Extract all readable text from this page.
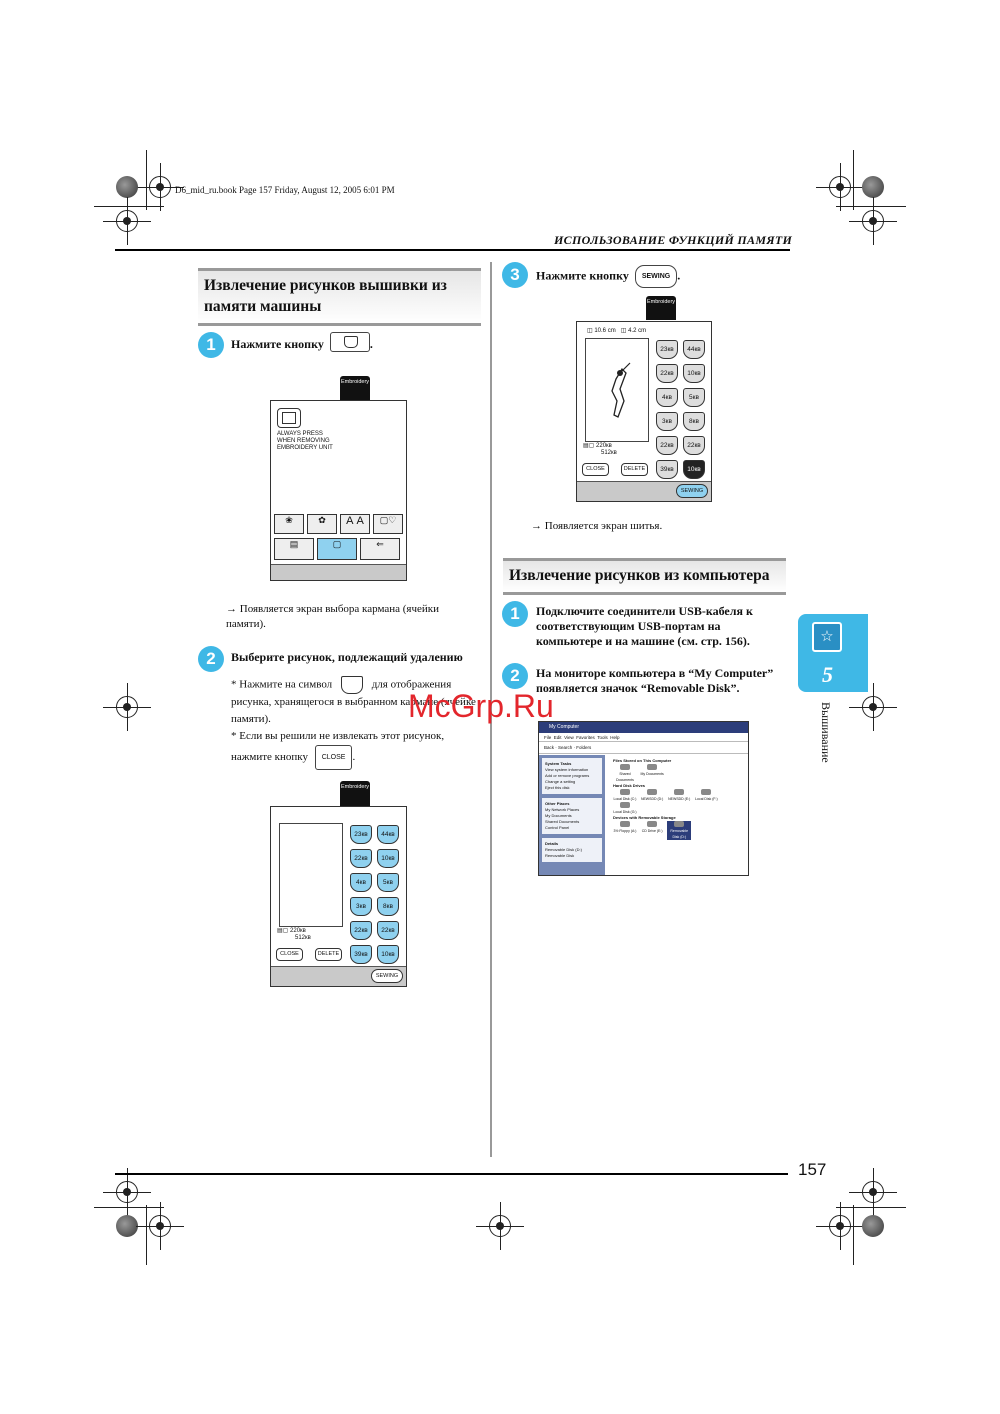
D6_mid_ru.book Page 157 Friday, August 12, 2005 6:01 PM
ИСПОЛЬЗОВАНИЕ ФУНКЦИЙ ПАМЯТИ
Извлечение рисунков вышивки из памяти машины
1	Нажмите кнопку	.
Embroidery
ALWAYS PRESS
WHEN REMOVING
EMBROIDERY UNIT
❀	✿	A A	▢♡
▤	▢	⇐
→ Появляется экран выбора кармана (ячейки памяти).
2	Выберите рисунок, подлежащий удалению
* Нажмите на символ	для отображения рисунка, хранящегося в выбранном кармане (ячейке памяти).
* Если вы решили не извлекать этот рисунок, нажмите кнопку CLOSE .
Embroidery
▤▢ 220кв
512кв
23кв	44кв
22кв	10кв
4кв	5кв
3кв	8кв
22кв	22кв
39кв	10кв
CLOSE	DELETE
SEWING
3	Нажмите кнопку SEWING .
Embroidery
◫ 10.6 cm ◫ 4.2 cm
▤▢ 220кв
512кв
23кв	44кв
22кв	10кв
4кв	5кв
3кв	8кв
22кв	22кв
39кв	10кв
CLOSE	DELETE
SEWING
→ Появляется экран шитья.
Извлечение рисунков из компьютера
1	Подключите соединители USB-кабеля к соответствующим USB-портам на компьютере и на машине (см. стр. 156).
2	На мониторе компьютера в “My Computer” появляется значок “Removable Disk”.
My Computer
File Edit View Favorites Tools Help
Back · Search · Folders
System Tasks
View system information
Add or remove programs
Change a setting
Eject this disk
Other Places
My Network Places
My Documents
Shared Documents
Control Panel
Details
Removable Disk (D:)
Removable Disk
Files Stored on This Computer

Shared Documents
My Documents
Hard Disk Drives

Local Disk (C:) NEWSDD (D:) NEWSDD (E:) Local Disk (F:)
Local Disk (G:)
Devices with Removable Storage

3½ Floppy (A:) CD Drive (E:) Removable Disk (D:)
☆
5
Вышивание
McGrp.Ru
157
